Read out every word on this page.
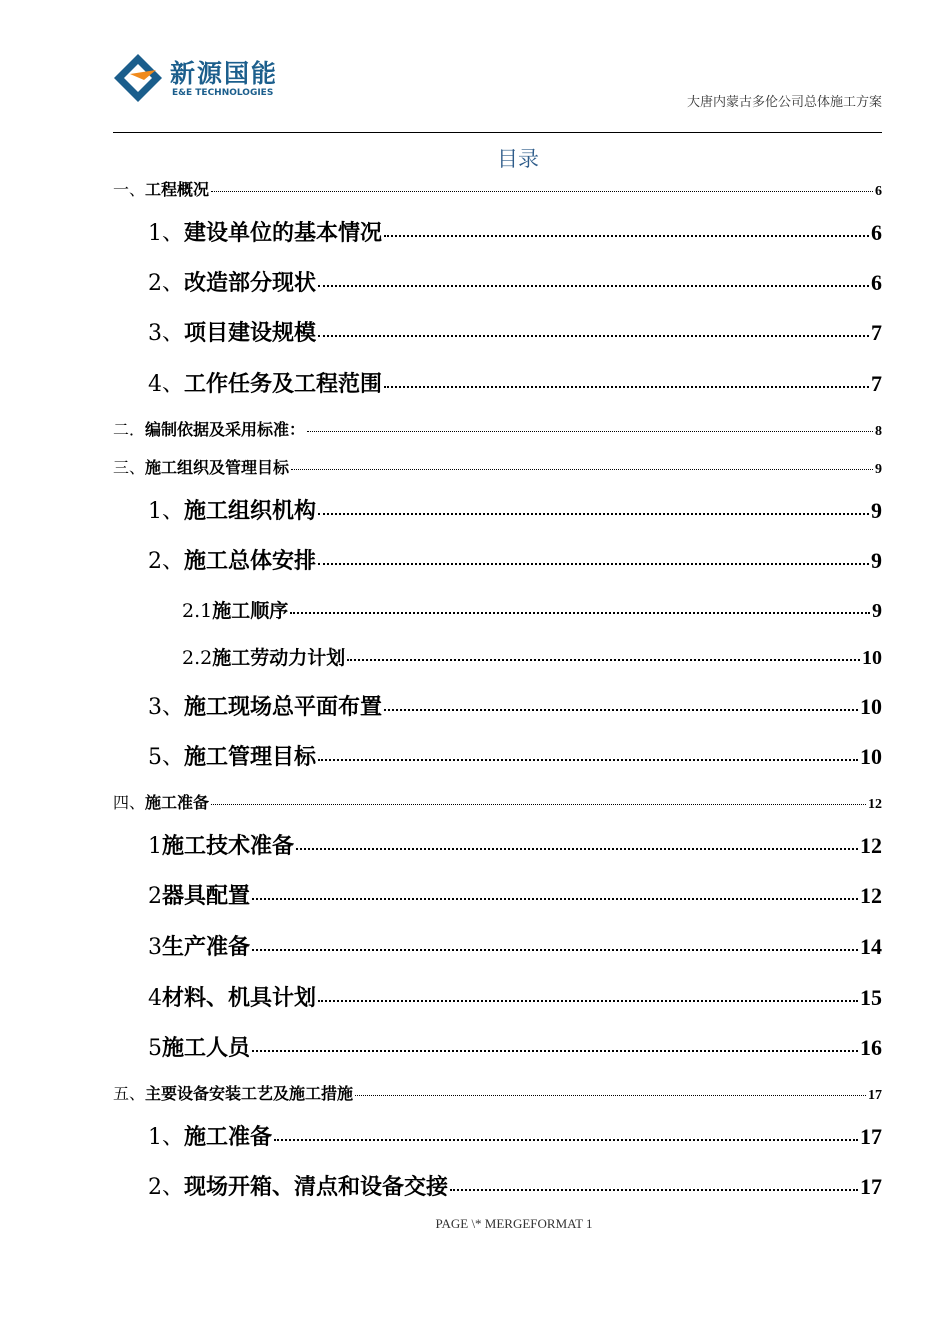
新源国能
E&E TECHNOLOGIES
大唐内蒙古多伦公司总体施工方案
目录
一、 工程概况	6
1、 建设单位的基本情况	6
2、 改造部分现状	6
3、 项目建设规模	7
4、 工作任务及工程范围	7
二． 编制依据及采用标准：	8
三、 施工组织及管理目标	9
1、 施工组织机构	9
2、 施工总体安排	9
2.1 施工顺序	9
2.2 施工劳动力计划	10
3、 施工现场总平面布置	10
5、 施工管理目标	10
四、 施工准备	12
1 施工技术准备	12
2 器具配置	12
3 生产准备	14
4 材料、机具计划	15
5 施工人员	16
五、 主要设备安装工艺及施工措施	17
1、 施工准备	17
2、 现场开箱、清点和设备交接	17
PAGE \* MERGEFORMAT 1
